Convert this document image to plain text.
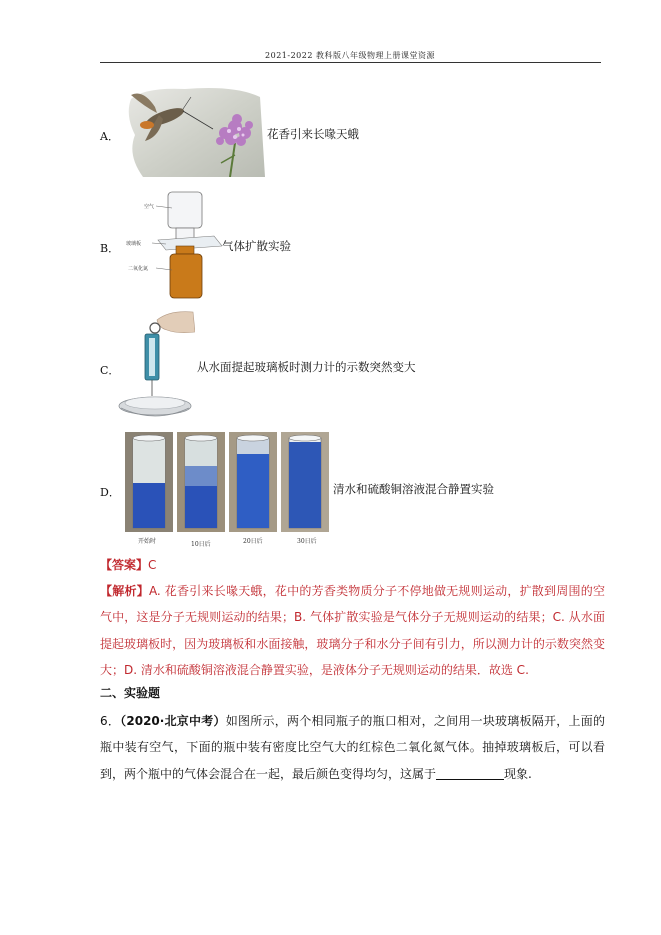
2021-2022 教科版八年级物理上册课堂资源
A．	花香引来长喙天蛾
B．
空气
玻璃板
二氧化氮
气体扩散实验
C．	从水面提起玻璃板时测力计的示数突然变大
D．
开始时	10日后	20日后	30日后
清水和硫酸铜溶液混合静置实验
【答案】C
【解析】A. 花香引来长喙天蛾，花中的芳香类物质分子不停地做无规则运动，扩散到周围的空气中，这是分子无规则运动的结果；B. 气体扩散实验是气体分子无规则运动的结果；C. 从水面提起玻璃板时，因为玻璃板和水面接触，玻璃分子和水分子间有引力，所以测力计的示数突然变大；D. 清水和硫酸铜溶液混合静置实验，是液体分子无规则运动的结果．故选 C.
二、实验题
6．（2020·北京中考）如图所示，两个相同瓶子的瓶口相对，之间用一块玻璃板隔开，上面的瓶中装有空气，下面的瓶中装有密度比空气大的红棕色二氧化氮气体。抽掉玻璃板后，可以看到，两个瓶中的气体会混合在一起，最后颜色变得均匀，这属于	现象.
